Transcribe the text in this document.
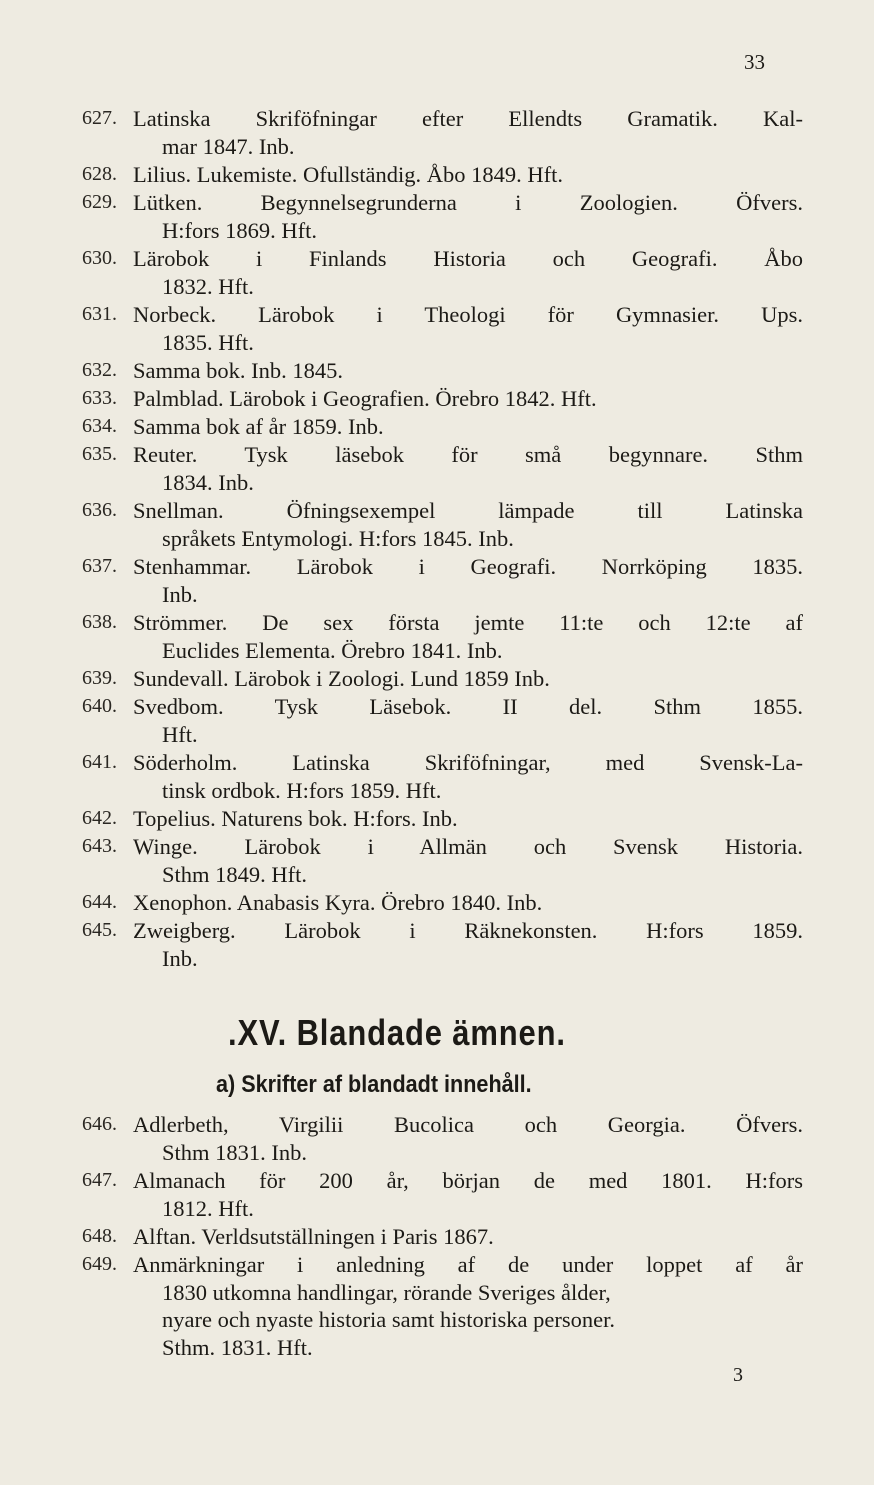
33
627. Latinska Skriföfningar efter Ellendts Gramatik. Kal-
mar 1847. Inb.
628. Lilius. Lukemiste. Ofullständig. Åbo 1849. Hft.
629. Lütken. Begynnelsegrunderna i Zoologien. Öfvers.
H:fors 1869. Hft.
630. Lärobok i Finlands Historia och Geografi. Åbo
1832. Hft.
631. Norbeck. Lärobok i Theologi för Gymnasier. Ups.
1835. Hft.
632. Samma bok. Inb. 1845.
633. Palmblad. Lärobok i Geografien. Örebro 1842. Hft.
634. Samma bok af år 1859. Inb.
635. Reuter. Tysk läsebok för små begynnare. Sthm
1834. Inb.
636. Snellman. Öfningsexempel lämpade till Latinska
språkets Entymologi. H:fors 1845. Inb.
637. Stenhammar. Lärobok i Geografi. Norrköping 1835.
Inb.
638. Strömmer. De sex första jemte 11:te och 12:te af
Euclides Elementa. Örebro 1841. Inb.
639. Sundevall. Lärobok i Zoologi. Lund 1859 Inb.
640. Svedbom. Tysk Läsebok. II del. Sthm 1855.
Hft.
641. Söderholm. Latinska Skriföfningar, med Svensk-La-
tinsk ordbok. H:fors 1859. Hft.
642. Topelius. Naturens bok. H:fors. Inb.
643. Winge. Lärobok i Allmän och Svensk Historia.
Sthm 1849. Hft.
644. Xenophon. Anabasis Kyra. Örebro 1840. Inb.
645. Zweigberg. Lärobok i Räknekonsten. H:fors 1859.
Inb.
646. Adlerbeth, Virgilii Bucolica och Georgia. Öfvers.
Sthm 1831. Inb.
647. Almanach för 200 år, början de med 1801. H:fors
1812. Hft.
648. Alftan. Verldsutställningen i Paris 1867.
649. Anmärkningar i anledning af de under loppet af år
1830 utkomna handlingar, rörande Sveriges ålder,
nyare och nyaste historia samt historiska personer.
Sthm. 1831. Hft.
.XV. Blandade ämnen.
a) Skrifter af blandadt innehåll.
3
